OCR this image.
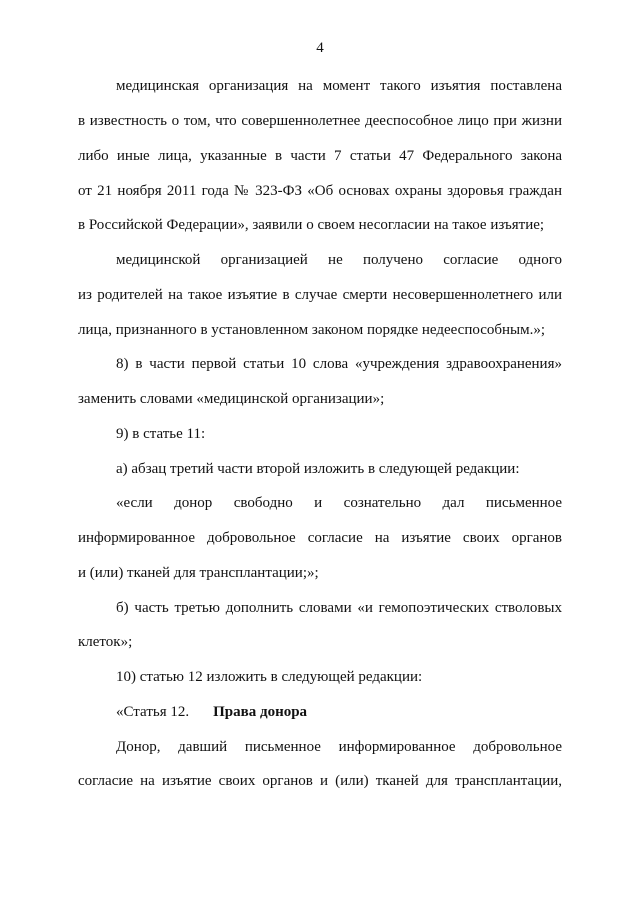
4
медицинская организация на момент такого изъятия поставлена
в известность о том, что совершеннолетнее дееспособное лицо при жизни
либо иные лица, указанные в части 7 статьи 47 Федерального закона
от 21 ноября 2011 года № 323-ФЗ «Об основах охраны здоровья граждан
в Российской Федерации», заявили о своем несогласии на такое изъятие;
медицинской организацией не получено согласие одного
из родителей на такое изъятие в случае смерти несовершеннолетнего или
лица, признанного в установленном законом порядке недееспособным.»;
8) в части первой статьи 10 слова «учреждения здравоохранения»
заменить словами «медицинской организации»;
9) в статье 11:
а) абзац третий части второй изложить в следующей редакции:
«если донор свободно и сознательно дал письменное
информированное добровольное согласие на изъятие своих органов
и (или) тканей для трансплантации;»;
б) часть третью дополнить словами «и гемопоэтических стволовых
клеток»;
10) статью 12 изложить в следующей редакции:
«Статья 12. Права донора
Донор, давший письменное информированное добровольное
согласие на изъятие своих органов и (или) тканей для трансплантации,
